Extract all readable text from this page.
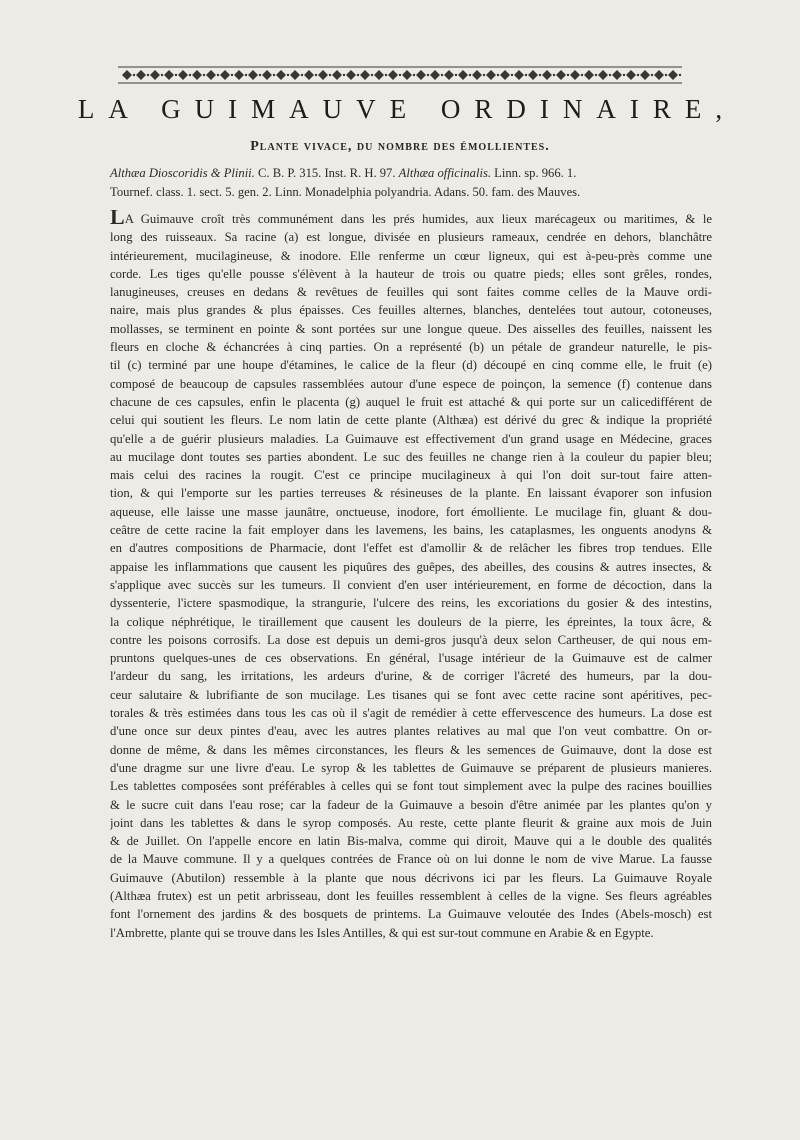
LA GUIMAUVE ORDINAIRE,
Plante vivace, du nombre des émollientes.
Althæa Dioscoridis & Plinii. C. B. P. 315. Inst. R. H. 97. Althæa officinalis. Linn. sp. 966. 1.
Tournef. class. 1. sect. 5. gen. 2. Linn. Monadelphia polyandria. Adans. 50. fam. des Mauves.
LA Guimauve croît très communément dans les prés humides, aux lieux marécageux ou maritimes, & le
long des ruisseaux. Sa racine (a) est longue, divisée en plusieurs rameaux, cendrée en dehors, blanchâtre
intérieurement, mucilagineuse, & inodore. Elle renferme un cœur ligneux, qui est à-peu-près comme une
corde. Les tiges qu'elle pousse s'élèvent à la hauteur de trois ou quatre pieds; elles sont grêles, rondes,
lanugineuses, creuses en dedans & revêtues de feuilles qui sont faites comme celles de la Mauve ordi-
naire, mais plus grandes & plus épaisses. Ces feuilles alternes, blanches, dentelées tout autour, cotoneuses,
mollasses, se terminent en pointe & sont portées sur une longue queue. Des aisselles des feuilles, naissent les
fleurs en cloche & échancrées à cinq parties. On a représenté (b) un pétale de grandeur naturelle, le pis-
til (c) terminé par une houpe d'étamines, le calice de la fleur (d) découpé en cinq comme elle, le fruit (e)
composé de beaucoup de capsules rassemblées autour d'une espece de poinçon, la semence (f) contenue dans
chacune de ces capsules, enfin le placenta (g) auquel le fruit est attaché & qui porte sur un calicedifférent de
celui qui soutient les fleurs. Le nom latin de cette plante (Althæa) est dérivé du grec & indique la propriété
qu'elle a de guérir plusieurs maladies. La Guimauve est effectivement d'un grand usage en Médecine, graces
au mucilage dont toutes ses parties abondent. Le suc des feuilles ne change rien à la couleur du papier bleu;
mais celui des racines la rougit. C'est ce principe mucilagineux à qui l'on doit sur-tout faire atten-
tion, & qui l'emporte sur les parties terreuses & résineuses de la plante. En laissant évaporer son infusion
aqueuse, elle laisse une masse jaunâtre, onctueuse, inodore, fort émolliente. Le mucilage fin, gluant & dou-
ceâtre de cette racine la fait employer dans les lavemens, les bains, les cataplasmes, les onguents anodyns &
en d'autres compositions de Pharmacie, dont l'effet est d'amollir & de relâcher les fibres trop tendues. Elle
appaise les inflammations que causent les piquûres des guêpes, des abeilles, des cousins & autres insectes, &
s'applique avec succès sur les tumeurs. Il convient d'en user intérieurement, en forme de décoction, dans la
dyssenterie, l'ictere spasmodique, la strangurie, l'ulcere des reins, les excoriations du gosier & des intestins,
la colique néphrétique, le tiraillement que causent les douleurs de la pierre, les épreintes, la toux âcre, &
contre les poisons corrosifs. La dose est depuis un demi-gros jusqu'à deux selon Cartheuser, de qui nous em-
pruntons quelques-unes de ces observations. En général, l'usage intérieur de la Guimauve est de calmer
l'ardeur du sang, les irritations, les ardeurs d'urine, & de corriger l'âcreté des humeurs, par la dou-
ceur salutaire & lubrifiante de son mucilage. Les tisanes qui se font avec cette racine sont apéritives, pec-
torales & très estimées dans tous les cas où il s'agit de remédier à cette effervescence des humeurs. La dose est
d'une once sur deux pintes d'eau, avec les autres plantes relatives au mal que l'on veut combattre. On or-
donne de même, & dans les mêmes circonstances, les fleurs & les semences de Guimauve, dont la dose est
d'une dragme sur une livre d'eau. Le syrop & les tablettes de Guimauve se préparent de plusieurs manieres.
Les tablettes composées sont préférables à celles qui se font tout simplement avec la pulpe des racines bouillies
& le sucre cuit dans l'eau rose; car la fadeur de la Guimauve a besoin d'être animée par les plantes qu'on y
joint dans les tablettes & dans le syrop composés. Au reste, cette plante fleurit & graine aux mois de Juin
& de Juillet. On l'appelle encore en latin Bis-malva, comme qui diroit, Mauve qui a le double des qualités
de la Mauve commune. Il y a quelques contrées de France où on lui donne le nom de vive Marue. La fausse
Guimauve (Abutilon) ressemble à la plante que nous décrivons ici par les fleurs. La Guimauve Royale
(Althæa frutex) est un petit arbrisseau, dont les feuilles ressemblent à celles de la vigne. Ses fleurs agréables
font l'ornement des jardins & des bosquets de printems. La Guimauve veloutée des Indes (Abels-mosch) est
l'Ambrette, plante qui se trouve dans les Isles Antilles, & qui est sur-tout commune en Arabie & en Egypte.
